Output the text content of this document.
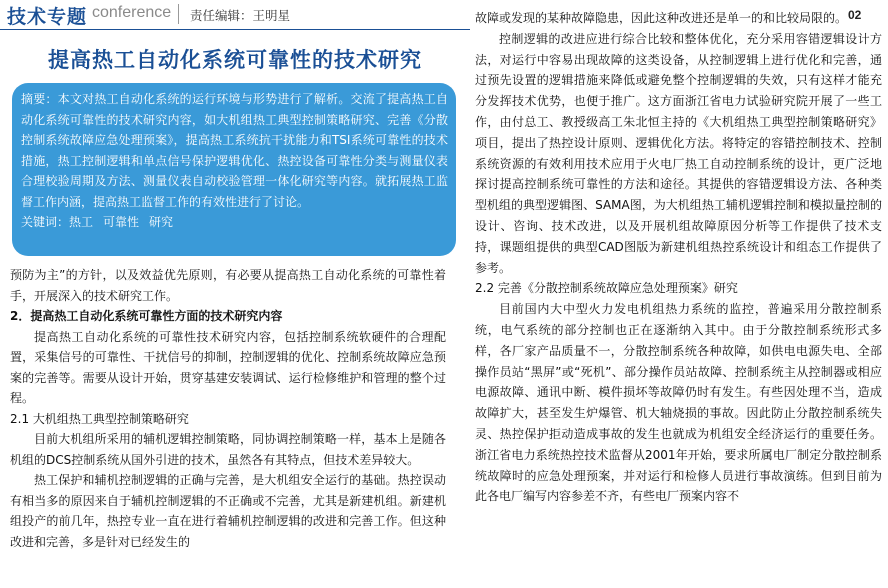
技术专题 conference 责任编辑：王明星	02
提高热工自动化系统可靠性的技术研究

摘要：本文对热工自动化系统的运行环境与形势进行了解析。交流了提高热工自动化系统可靠性的技术研究内容，如大机组热工典型控制策略研究、完善《分散控制系统故障应急处理预案》，提高热工系统抗干扰能力和TSI系统可靠性的技术措施，热工控制逻辑和单点信号保护逻辑优化、热控设备可靠性分类与测量仪表合理校验周期及方法、测量仪表自动校验管理一体化研究等内容。就拓展热工监督工作内涵，提高热工监督工作的有效性进行了讨论。

关键词：热工 可靠性 研究

预防为主”的方针，以及效益优先原则，有必要从提高热工自动化系统的可靠性着手，开展深入的技术研究工作。

2．提高热工自动化系统可靠性方面的技术研究内容

提高热工自动化系统的可靠性技术研究内容，包括控制系统软硬件的合理配置，采集信号的可靠性、干扰信号的抑制，控制逻辑的优化、控制系统故障应急预案的完善等。需要从设计开始，贯穿基建安装调试、运行检修维护和管理的整个过程。

2.1 大机组热工典型控制策略研究

目前大机组所采用的辅机逻辑控制策略，同协调控制策略一样，基本上是随各机组的DCS控制系统从国外引进的技术，虽然各有其特点，但技术差异较大。

热工保护和辅机控制逻辑的正确与完善，是大机组安全运行的基础。热控误动有相当多的原因来自于辅机控制逻辑的不正确或不完善，尤其是新建机组。新建机组投产的前几年，热控专业一直在进行着辅机控制逻辑的改进和完善工作。但这种改进和完善，多是针对已经发生的

故障或发现的某种故障隐患，因此这种改进还是单一的和比较局限的。

控制逻辑的改进应进行综合比较和整体优化，充分采用容错逻辑设计方法，对运行中容易出现故障的这类设备，从控制逻辑上进行优化和完善，通过预先设置的逻辑措施来降低或避免整个控制逻辑的失效，只有这样才能充分发挥技术优势，也便于推广。这方面浙江省电力试验研究院开展了一些工作，由付总工、教授级高工朱北恒主持的《大机组热工典型控制策略研究》项目，提出了热控设计原则、逻辑优化方法。将特定的容错控制技术、控制系统资源的有效利用技术应用于火电厂热工自动控制系统的设计，更广泛地探讨提高控制系统可靠性的方法和途径。其提供的容错逻辑设方法、各种类型机组的典型逻辑图、SAMA图，为大机组热工辅机逻辑控制和模拟量控制的设计、咨询、技术改进，以及开展机组故障原因分析等工作提供了技术支持，课题组提供的典型CAD图版为新建机组热控系统设计和组态工作提供了参考。

2.2 完善《分散控制系统故障应急处理预案》研究

目前国内大中型火力发电机组热力系统的监控，普遍采用分散控制系统，电气系统的部分控制也正在逐渐纳入其中。由于分散控制系统形式多样，各厂家产品质量不一，分散控制系统各种故障，如供电电源失电、全部操作员站“黑屏”或“死机”、部分操作员站故障、控制系统主从控制器或相应电源故障、通讯中断、模件损坏等故障仍时有发生。有些因处理不当，造成故障扩大，甚至发生炉爆管、机大轴烧损的事故。因此防止分散控制系统失灵、热控保护拒动造成事故的发生也就成为机组安全经济运行的重要任务。浙江省电力系统热控技术监督从2001年开始，要求所属电厂制定分散控制系统故障时的应急处理预案，并对运行和检修人员进行事故演练。但到目前为此各电厂编写内容参差不齐，有些电厂预案内容不
